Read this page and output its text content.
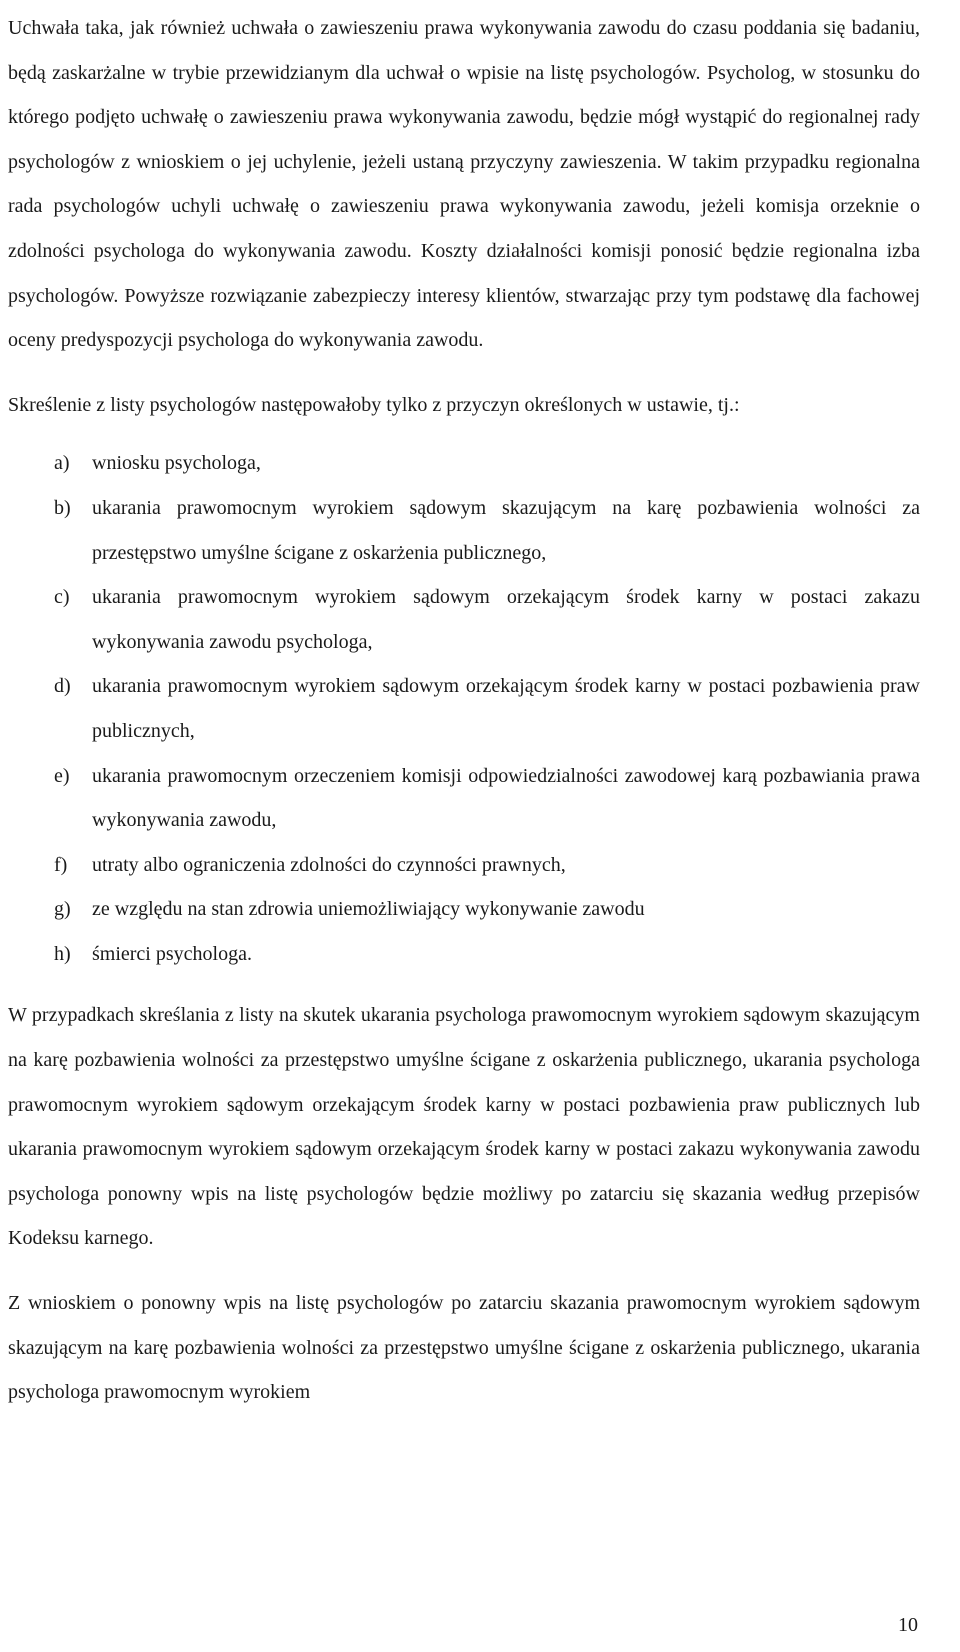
Uchwała taka, jak również uchwała o zawieszeniu prawa wykonywania zawodu do czasu poddania się badaniu, będą zaskarżalne w trybie przewidzianym dla uchwał o wpisie na listę psychologów. Psycholog, w stosunku do którego podjęto uchwałę o zawieszeniu prawa wykonywania zawodu, będzie mógł wystąpić do regionalnej rady psychologów z wnioskiem o jej uchylenie, jeżeli ustaną przyczyny zawieszenia. W takim przypadku regionalna rada psychologów uchyli uchwałę o zawieszeniu prawa wykonywania zawodu, jeżeli komisja orzeknie o zdolności psychologa do wykonywania zawodu. Koszty działalności komisji ponosić będzie regionalna izba psychologów. Powyższe rozwiązanie zabezpieczy interesy klientów, stwarzając przy tym podstawę dla fachowej oceny predyspozycji psychologa do wykonywania zawodu.

Skreślenie z listy psychologów następowałoby tylko z przyczyn określonych w ustawie, tj.:

a) wniosku psychologa,
b) ukarania prawomocnym wyrokiem sądowym skazującym na karę pozbawienia wolności za przestępstwo umyślne ścigane z oskarżenia publicznego,
c) ukarania prawomocnym wyrokiem sądowym orzekającym środek karny w postaci zakazu wykonywania zawodu psychologa,
d) ukarania prawomocnym wyrokiem sądowym orzekającym środek karny w postaci pozbawienia praw publicznych,
e) ukarania prawomocnym orzeczeniem komisji odpowiedzialności zawodowej karą pozbawiania prawa wykonywania zawodu,
f) utraty albo ograniczenia zdolności do czynności prawnych,
g) ze względu na stan zdrowia uniemożliwiający wykonywanie zawodu
h) śmierci psychologa.

W przypadkach skreślania z listy na skutek ukarania psychologa prawomocnym wyrokiem sądowym skazującym na karę pozbawienia wolności za przestępstwo umyślne ścigane z oskarżenia publicznego, ukarania psychologa prawomocnym wyrokiem sądowym orzekającym środek karny w postaci pozbawienia praw publicznych lub ukarania prawomocnym wyrokiem sądowym orzekającym środek karny w postaci zakazu wykonywania zawodu psychologa ponowny wpis na listę psychologów będzie możliwy po zatarciu się skazania według przepisów Kodeksu karnego.

Z wnioskiem o ponowny wpis na listę psychologów po zatarciu skazania prawomocnym wyrokiem sądowym skazującym na karę pozbawienia wolności za przestępstwo umyślne ścigane z oskarżenia publicznego, ukarania psychologa prawomocnym wyrokiem

10
